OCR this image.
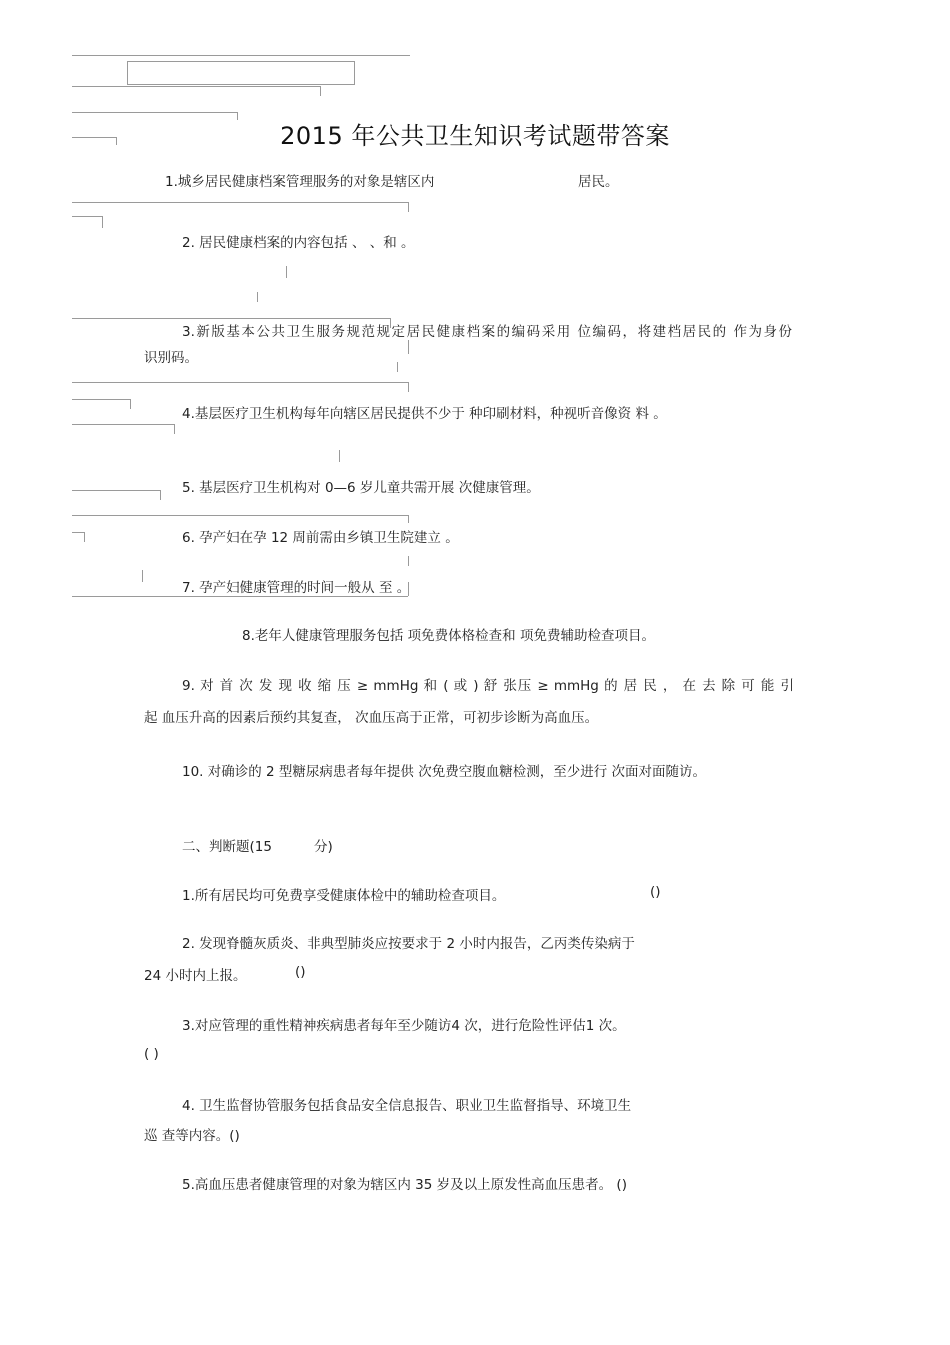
2015 年公共卫生知识考试题带答案
1.城乡居民健康档案管理服务的对象是辖区内	居民。
2. 居民健康档案的内容包括 、 、和 。
3.新版基本公共卫生服务规范规定居民健康档案的编码采用 位编码，将建档居民的 作为身份
识别码。
4.基层医疗卫生机构每年向辖区居民提供不少于 种印刷材料，种视听音像资 料 。
5. 基层医疗卫生机构对 0—6 岁儿童共需开展 次健康管理。
6. 孕产妇在孕 12 周前需由乡镇卫生院建立 。
7. 孕产妇健康管理的时间一般从 至 。
8.老年人健康管理服务包括 项免费体格检查和 项免费辅助检查项目。
9. 对 首 次 发 现 收 缩 压 ≥ mmHg 和 ( 或 ) 舒 张压 ≥ mmHg 的 居 民 ， 在 去 除 可 能 引
起 血压升高的因素后预约其复查， 次血压高于正常，可初步诊断为高血压。
10. 对确诊的 2 型糖尿病患者每年提供 次免费空腹血糖检测，至少进行 次面对面随访。
二、判断题(15	分)
1.所有居民均可免费享受健康体检中的辅助检查项目。	()
2. 发现脊髓灰质炎、非典型肺炎应按要求于 2 小时内报告，乙丙类传染病于
24 小时内上报。	()
3.对应管理的重性精神疾病患者每年至少随访4 次，进行危险性评估1 次。
( )
4. 卫生监督协管服务包括食品安全信息报告、职业卫生监督指导、环境卫生
巡 查等内容。()
5.高血压患者健康管理的对象为辖区内 35 岁及以上原发性高血压患者。 ()
